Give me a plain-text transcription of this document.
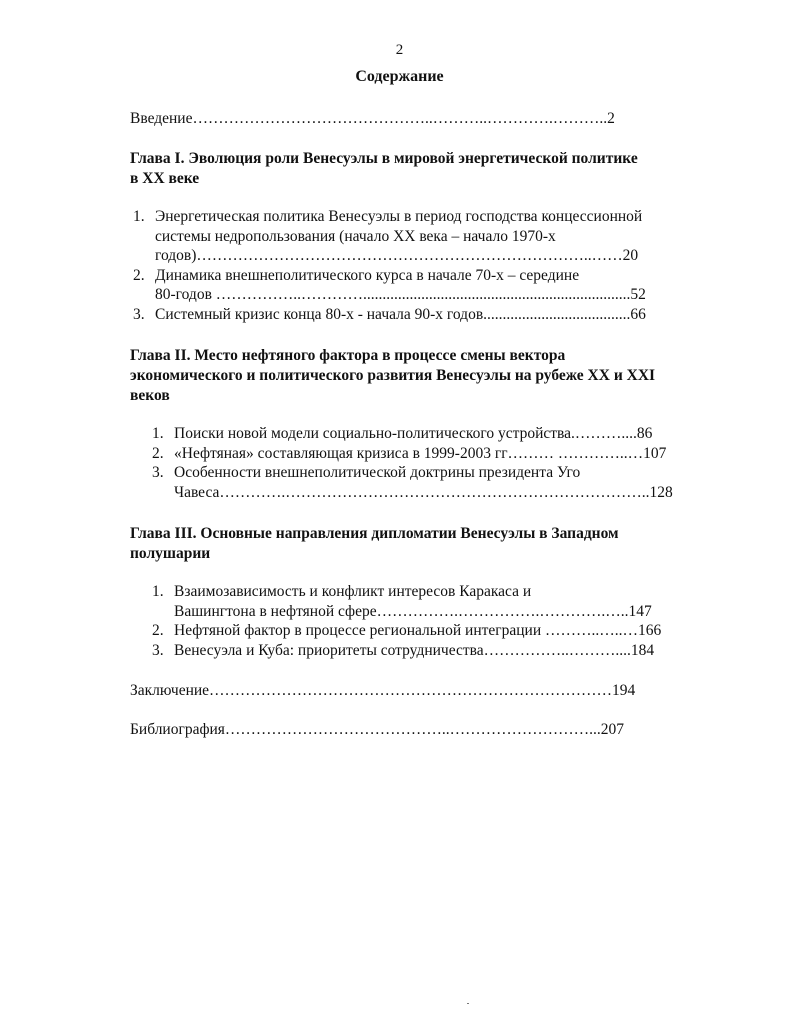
2
Содержание
Введение………………………………………..………..………….………..2
Глава I. Эволюция роли Венесуэлы в мировой энергетической политике
в ХХ веке
1. Энергетическая политика Венесуэлы в период господства концессионной
системы недропользования (начало ХХ века – начало 1970-х
годов)…………………………………………………………………..……20
2. Динамика внешнеполитического курса в начале 70-х – середине
80-годов ……………..………….....................................................................52
3. Системный кризис конца 80-х - начала 90-х годов......................................66
Глава II. Место нефтяного фактора в процессе смены вектора
экономического и политического развития Венесуэлы на рубеже ХХ и XXI
веков
1. Поиски новой модели социально-политического устройства.………....86
2. «Нефтяная» составляющая кризиса в 1999-2003 гг……… …………..…107
3. Особенности внешнеполитической доктрины президента Уго
Чавеса………….……………………………………………………………..128
Глава III. Основные направления дипломатии Венесуэлы в Западном
полушарии
1. Взаимозависимость и конфликт интересов Каракаса и
Вашингтона в нефтяной сфере…………….…………….………….…..147
2. Нефтяной фактор в процессе региональной интеграции ………..…..…166
3. Венесуэла и Куба: приоритеты сотрудничества……………..………....184
Заключение……………………………………………………………………194
Библиография……………………………………..………………………...207
